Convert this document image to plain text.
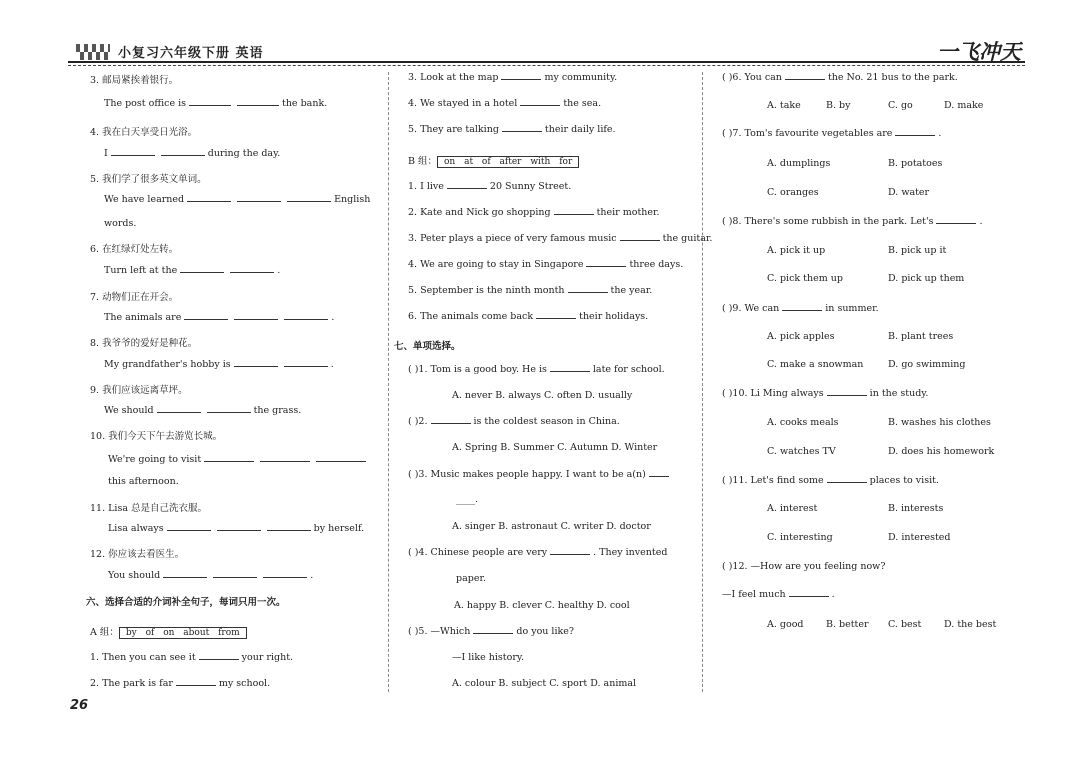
小复习六年级下册 英语	一飞冲天
3. 邮局紧挨着银行。
The post office is	the bank.
4. 我在白天享受日光浴。
I	during the day.
5. 我们学了很多英文单词。
We have learned	English
words.
6. 在红绿灯处左转。
Turn left at the	.
7. 动物们正在开会。
The animals are	.
8. 我爷爷的爱好是种花。
My grandfather's hobby is	.
9. 我们应该远离草坪。
We should	the grass.
10. 我们今天下午去游览长城。
We're going to visit
this afternoon.
11. Lisa 总是自己洗衣服。
Lisa always	by herself.
12. 你应该去看医生。
You should	.
六、选择合适的介词补全句子，每词只用一次。
A 组： by of on about from
1. Then you can see it	your right.
2. The park is far	my school.
3. Look at the map	my community.
4. We stayed in a hotel	the sea.
5. They are talking	their daily life.
B 组： on at of after with for
1. I live	20 Sunny Street.
2. Kate and Nick go shopping	their mother.
3. Peter plays a piece of very famous music	the guitar.
4. We are going to stay in Singapore	three days.
5. September is the ninth month	the year.
6. The animals come back	their holidays.
七、单项选择。
( )1. Tom is a good boy. He is	late for school.
A. never B. always C. often D. usually
( )2.	is the coldest season in China.
A. Spring B. Summer C. Autumn D. Winter
( )3. Music makes people happy. I want to be a(n)
____.
A. singer B. astronaut C. writer D. doctor
( )4. Chinese people are very	. They invented
paper.
A. happy B. clever C. healthy D. cool
( )5. —Which	do you like?
—I like history.
A. colour B. subject C. sport D. animal
( )6. You can	the No. 21 bus to the park.
A. take	B. by	C. go	D. make
( )7. Tom's favourite vegetables are	.
A. dumplings	B. potatoes
C. oranges	D. water
( )8. There's some rubbish in the park. Let's	.
A. pick it up	B. pick up it
C. pick them up	D. pick up them
( )9. We can	in summer.
A. pick apples	B. plant trees
C. make a snowman	D. go swimming
( )10. Li Ming always	in the study.
A. cooks meals	B. washes his clothes
C. watches TV	D. does his homework
( )11. Let's find some	places to visit.
A. interest	B. interests
C. interesting	D. interested
( )12. —How are you feeling now?
—I feel much	.
A. good B. better C. best D. the best
26
